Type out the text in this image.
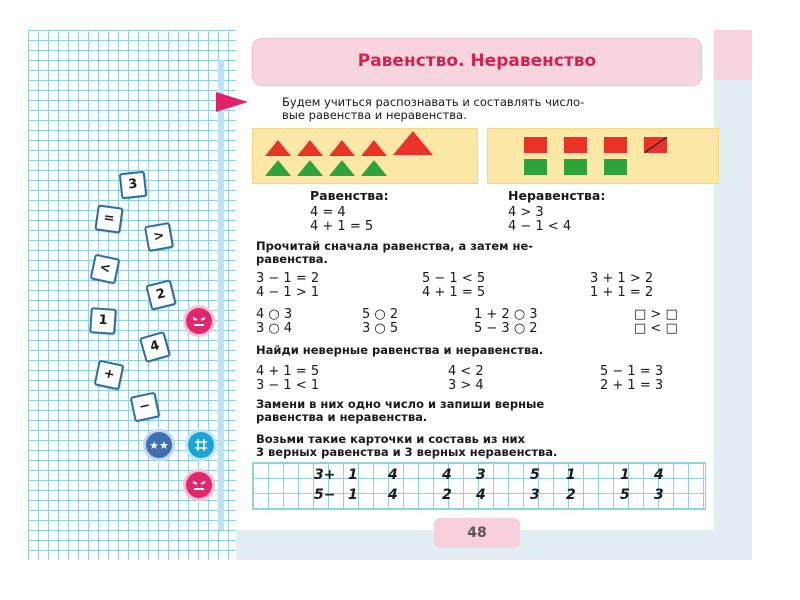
Равенство. Неравенство
Будем учиться распознавать и составлять число-
вые равенства и неравенства.
Равенства:
4 = 4
4 + 1 = 5
Неравенства:
4 > 3
4 − 1 < 4
Прочитай сначала равенства, а затем не-
равенства.
3 − 1 = 2	5 − 1 < 5	3 + 1 > 2
4 − 1 > 1	4 + 1 = 5	1 + 1 = 2
4 ○ 3	5 ○ 2	1 + 2 ○ 3	□ > □
3 ○ 4	3 ○ 5	5 − 3 ○ 2	□ < □
Найди неверные равенства и неравенства.
4 + 1 = 5	4 < 2	5 − 1 = 3
3 − 1 < 1	3 > 4	2 + 1 = 3
Замени в них одно число и запиши верные
равенства и неравенства.
Возьми такие карточки и составь из них
3 верных равенства и 3 верных неравенства.
3+ 1 4	4 3	5 1	1 4
5− 1 4	2 4	3 2	5 3
3
=
>
<
2
1
4
+
−
★★
48
